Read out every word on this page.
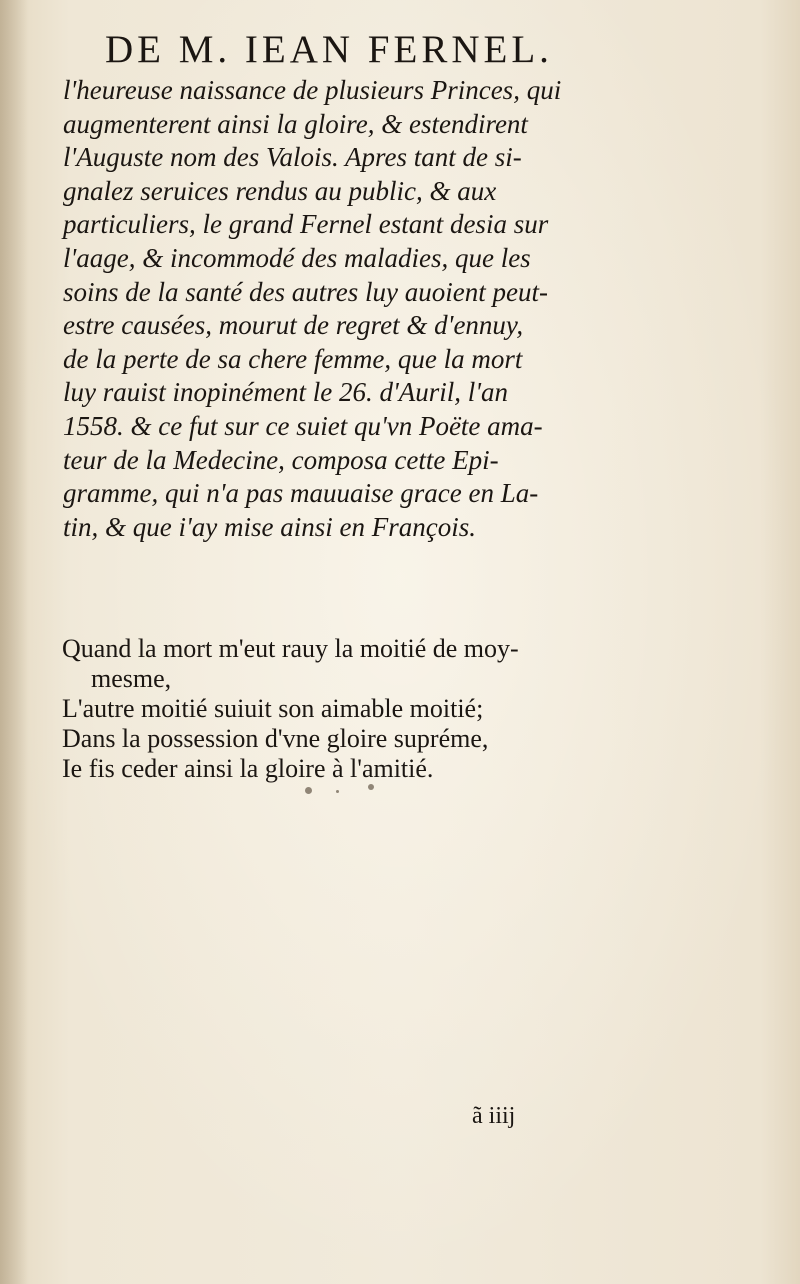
DE M. IEAN FERNEL.
l'heureuse naissance de plusieurs Princes, qui
augmenterent ainsi la gloire, & estendirent
l'Auguste nom des Valois. Apres tant de si-
gnalez seruices rendus au public, & aux
particuliers, le grand Fernel estant desia sur
l'aage, & incommodé des maladies, que les
soins de la santé des autres luy auoient peut-
estre causées, mourut de regret & d'ennuy,
de la perte de sa chere femme, que la mort
luy rauist inopinément le 26. d'Auril, l'an
1558. & ce fut sur ce suiet qu'vn Poëte ama-
teur de la Medecine, composa cette Epi-
gramme, qui n'a pas mauuaise grace en La-
tin, & que i'ay mise ainsi en François.
Quand la mort m'eut rauy la moitié de moy-
mesme,
L'autre moitié suiuit son aimable moitié;
Dans la possession d'vne gloire supréme,
Ie fis ceder ainsi la gloire à l'amitié.
ã iiij
